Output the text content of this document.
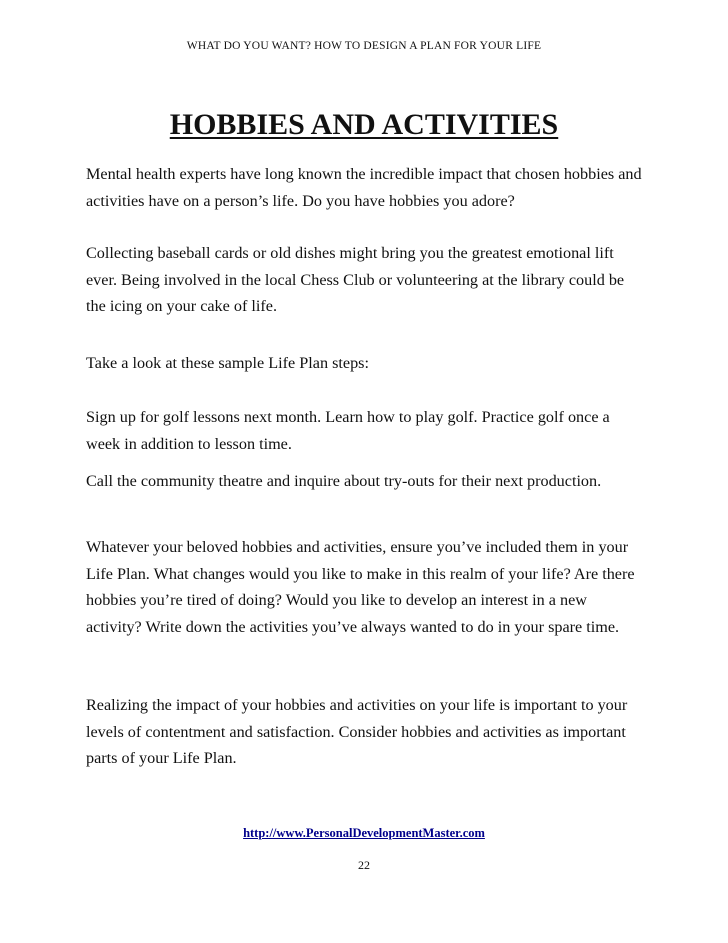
WHAT DO YOU WANT? HOW TO DESIGN A PLAN FOR YOUR LIFE
HOBBIES AND ACTIVITIES

Mental health experts have long known the incredible impact that chosen hobbies and activities have on a person’s life. Do you have hobbies you adore?

Collecting baseball cards or old dishes might bring you the greatest emotional lift ever. Being involved in the local Chess Club or volunteering at the library could be the icing on your cake of life.

Take a look at these sample Life Plan steps:

Sign up for golf lessons next month. Learn how to play golf. Practice golf once a week in addition to lesson time.

Call the community theatre and inquire about try-outs for their next production.

Whatever your beloved hobbies and activities, ensure you’ve included them in your Life Plan. What changes would you like to make in this realm of your life? Are there hobbies you’re tired of doing? Would you like to develop an interest in a new activity? Write down the activities you’ve always wanted to do in your spare time.

Realizing the impact of your hobbies and activities on your life is important to your levels of contentment and satisfaction. Consider hobbies and activities as important parts of your Life Plan.

http://www.PersonalDevelopmentMaster.com
22
